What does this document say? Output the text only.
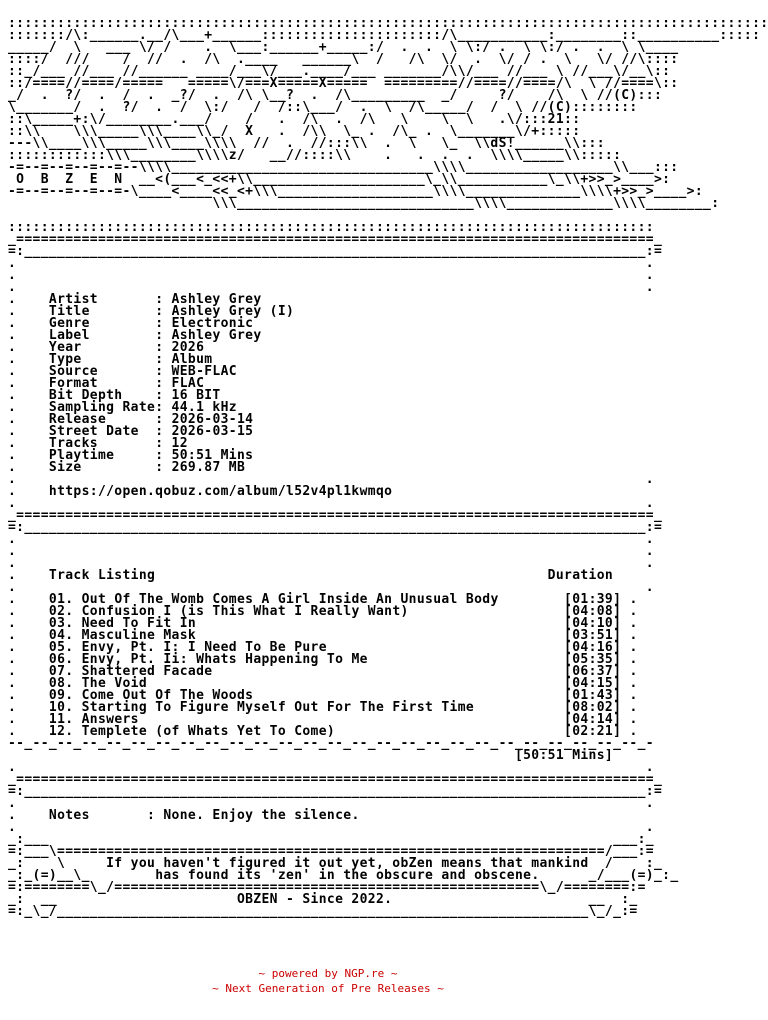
:::::::::::::::::::::::::::::::::::::::::::::::::::::::::::::::::::::::::::::::::::::::::::::
:::::::/\:______.__/\___+______::::::::::::::::::::::/\___________:________::__________:::::
_____/  \   ___ \/ /    .  \___:______+_____:/  .  .  \ \:/ .  \ \:/ .  .  \ \____
::::/  ///    /  //  .  /\  .____   ______\  /   /\  \/  .  \/ / .  \   \/ //\::::
::_/___ //___ //______ ____/___\/___.____/___ _______/\\/___ //___ \ //___\/__\::
::/====//====/=====   =====\/===X=====X=====  =========//====//====/\  \ //====\::
_/  .  ?/  .  /  .  _?/  .  /\ \__?  .  /\_________  _/     ?/    /\  \ //(C):::
\_______/  .  ?/  .  /  \:/   /  /::\___/  .  \  /\_____/  /  \ //(C)::::::::
::\_____+:\/________.___/    /   .  /\  .  /\   \    \  \   .\/:::21::
::\\    \\\_____\\\____\\_/  X   .  /\\  \_ .  /\_ .  \_______\/+:::::
---\\____\\\_____\\\____\\\\  //  .  //:::\\  .  \   \_  \\dS!______\\:::
::::::::::::\\\________\\\\z/   __//::::\\    .   .  .  .  \\\\_____\\:::::
-=--=--=--=--=--\\\\________________________________\\\\__________________\\___:::
O  B  Z  E  N  __<(___<_<<+\\_____________________\_\\___________\_\\+>>_>____>:
-=--=--=--=--=-\____<____<<_<+\\\___________________\\\\______________\\\\+>>_>____>:
\\\_____________________________\\\\_____________\\\\________:
:::::::::::::::::::::::::::::::::::::::::::::::::::::::::::::::::::::::::::::::
_==============================================================================_
=:____________________________________________________________________________:=
.                                                                             .
.                                                                             .
.                                                                             .
.    Artist       : Ashley Grey
.    Title        : Ashley Grey (I)
.    Genre        : Electronic
.    Label        : Ashley Grey
.    Year         : 2026
.    Type         : Album
.    Source       : WEB-FLAC
.    Format       : FLAC
.    Bit Depth    : 16 BIT
.    Sampling Rate: 44.1 kHz
.    Release      : 2026-03-14
.    Street Date  : 2026-03-15
.    Tracks       : 12
.    Playtime     : 50:51 Mins
.    Size         : 269.87 MB
.                                                                             .
.    https://open.qobuz.com/album/l52v4pl1kwmqo
.                                                                             .
_==============================================================================_
=:____________________________________________________________________________:=
.                                                                             .
.                                                                             .
.                                                                             .
.    Track Listing	Duration
.                                                                             .
.    01. Out Of The Womb Comes A Girl Inside An Unusual Body	[01:39] .
.    02. Confusion I (is This What I Really Want)	[04:08] .
.    03. Need To Fit In	[04:10] .
.    04. Masculine Mask	[03:51] .
.    05. Envy, Pt. I: I Need To Be Pure	[04:16] .
.    06. Envy, Pt. Ii: Whats Happening To Me	[05:35] .
.    07. Shattered Facade	[06:37] .
.    08. The Void	[04:15] .
.    09. Come Out Of The Woods	[01:43] .
.    10. Starting To Figure Myself Out For The First Time	[08:02] .
.    11. Answers	[04:14] .
.    12. Templete (of Whats Yet To Come)	[02:21] .
--_--_--_--_--_--_--_--_--_--_--_--_--_--_--_--_--_--_--_--_--_--_--_--_--_--_-
[50:51 Mins]
.                                                                             .
_==============================================================================_
=:____________________________________________________________________________:=
.                                                                             .
.    Notes       : None. Enjoy the silence.
.                                                                             .
_:___                                                                     ___:_
=:___\===================================================================/___:=
_:    \     If you haven't figured it out yet, obZen means that mankind  /    :_
_:_(=)__\_        has found its 'zen' in the obscure and obscene.      _/___(=)_:_
=:========\_/====================================================\_/========:=
_:  __                      OBZEN - Since 2022.                        __  :_
=:_\_/_________________________________________________________________\_/_:=
~ powered by NGP.re ~
~ Next Generation of Pre Releases ~
